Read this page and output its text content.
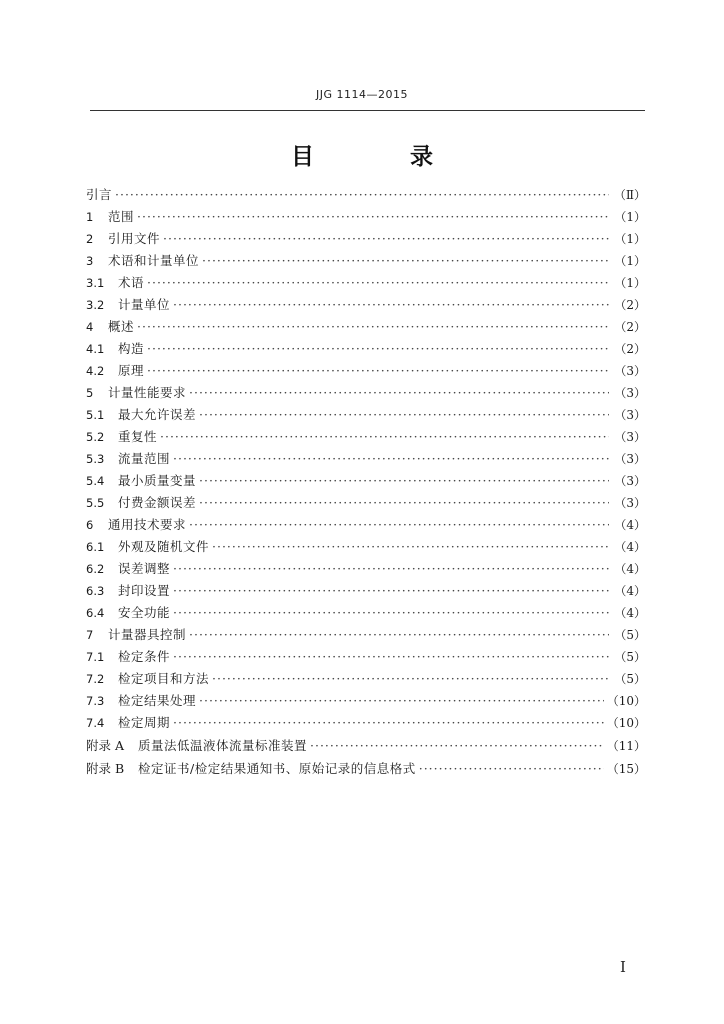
JJG 1114—2015
目 录
引言 ·····	（Ⅱ）
1	范围 ·····	（1）
2	引用文件 ·····	（1）
3	术语和计量单位 ·····	（1）
3.1	术语 ·····	（1）
3.2	计量单位 ·····	（2）
4	概述 ·····	（2）
4.1	构造 ·····	（2）
4.2	原理 ·····	（3）
5	计量性能要求 ·····	（3）
5.1	最大允许误差 ·····	（3）
5.2	重复性 ·····	（3）
5.3	流量范围 ·····	（3）
5.4	最小质量变量 ·····	（3）
5.5	付费金额误差 ·····	（3）
6	通用技术要求 ·····	（4）
6.1	外观及随机文件 ·····	（4）
6.2	误差调整 ·····	（4）
6.3	封印设置 ·····	（4）
6.4	安全功能 ·····	（4）
7	计量器具控制 ·····	（5）
7.1	检定条件 ·····	（5）
7.2	检定项目和方法 ·····	（5）
7.3	检定结果处理 ·····	（10）
7.4	检定周期 ·····	（10）
附录 A	质量法低温液体流量标准装置 ·····	（11）
附录 B	检定证书/检定结果通知书、原始记录的信息格式 ·····	（15）
I
